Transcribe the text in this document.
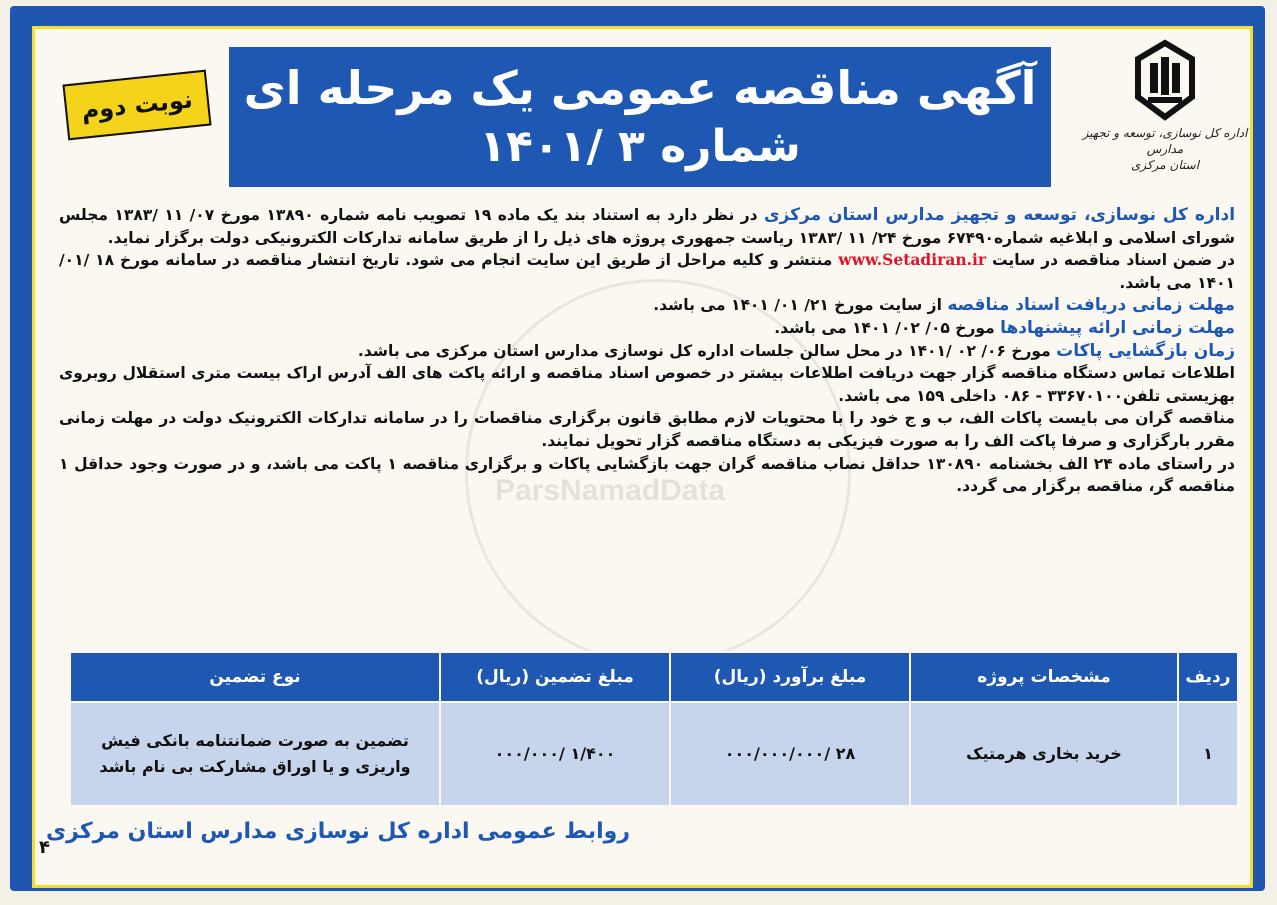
ParsNamadData
نوبت دوم	آگهی مناقصه عمومی یک مرحله ای
شماره ۳ /۱۴۰۱	اداره کل نوسازی، توسعه و تجهیز مدارس
استان مرکزی

اداره کل نوسازی، توسعه و تجهیز مدارس استان مرکزی در نظر دارد به استناد بند یک ماده ۱۹ تصویب نامه شماره ۱۳۸۹۰ مورخ ۰۷/ ۱۱ /۱۳۸۳ مجلس شورای اسلامی و ابلاغیه شماره۶۷۴۹۰ مورخ ۲۴/ ۱۱ /۱۳۸۳ ریاست جمهوری پروژه های ذیل را از طریق سامانه تدارکات الکترونیکی دولت برگزار نماید.

در ضمن اسناد مناقصه در سایت www.Setadiran.ir منتشر و کلیه مراحل از طریق این سایت انجام می شود. تاریخ انتشار مناقصه در سامانه مورخ ۱۸ /۰۱/ ۱۴۰۱ می باشد.

مهلت زمانی دریافت اسناد مناقصه از سایت مورخ ۲۱/ ۰۱/ ۱۴۰۱ می باشد.

مهلت زمانی ارائه پیشنهادها مورخ ۰۵/ ۰۲/ ۱۴۰۱ می باشد.

زمان بازگشایی پاکات مورخ ۰۶/ ۰۲ /۱۴۰۱ در محل سالن جلسات اداره کل نوسازی مدارس استان مرکزی می باشد.

اطلاعات تماس دستگاه مناقصه گزار جهت دریافت اطلاعات بیشتر در خصوص اسناد مناقصه و ارائه پاکت های الف آدرس اراک بیست متری استقلال روبروی بهزیستی تلفن۳۳۶۷۰۱۰۰ - ۰۸۶ داخلی ۱۵۹ می باشد.

مناقصه گران می بایست پاکات الف، ب و ج خود را با محتویات لازم مطابق قانون برگزاری مناقصات را در سامانه تدارکات الکترونیک دولت در مهلت زمانی مقرر بارگزاری و صرفا پاکت الف را به صورت فیزیکی به دستگاه مناقصه گزار تحویل نمایند.

در راستای ماده ۲۴ الف بخشنامه ۱۳۰۸۹۰ حداقل نصاب مناقصه گران جهت بازگشایی پاکات و برگزاری مناقصه ۱ پاکت می باشد، و در صورت وجود حداقل ۱ مناقصه گر، مناقصه برگزار می گردد.

ردیف	مشخصات پروژه	مبلغ برآورد (ریال)	مبلغ تضمین (ریال)	نوع تضمین
۱	خرید بخاری هرمتیک	۲۸ /۰۰۰/۰۰۰/۰۰۰	۱/۴۰۰ /۰۰۰/۰۰۰	تضمین به صورت ضمانتنامه بانکی فیش واریزی و یا اوراق مشارکت بی نام باشد
روابط عمومی اداره کل نوسازی مدارس استان مرکزی
۴
